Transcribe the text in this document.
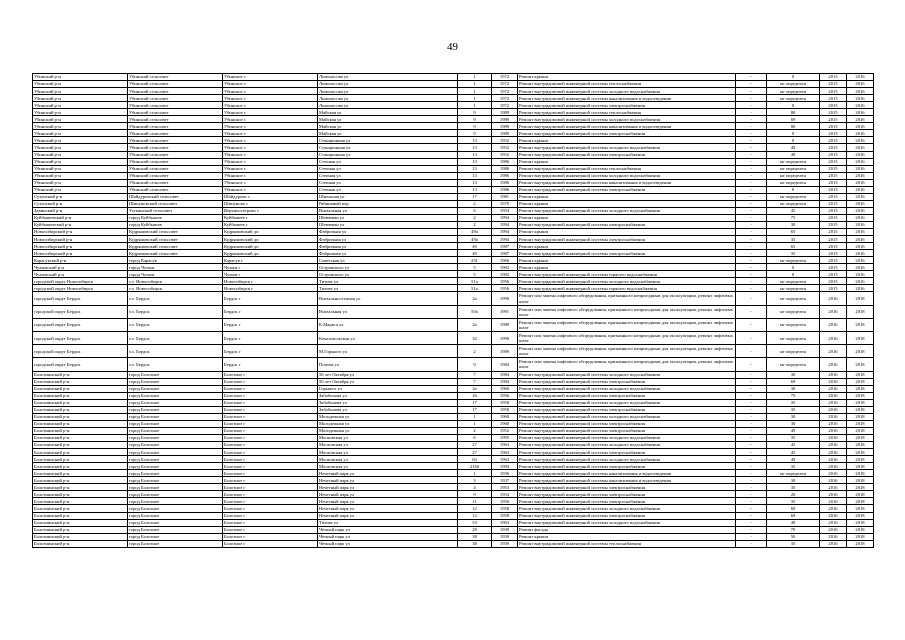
49
Убинский р-н	Убинский сельсовет	Убинское с	Ломоносова ул	1	1972	Ремонт крыши	-	0	2015	2016
Убинский р-н	Убинский сельсовет	Убинское с	Ломоносова ул	1	1972	Ремонт внутридомовой инженерной системы теплоснабжения	-	не определен	2015	2016
Убинский р-н	Убинский сельсовет	Убинское с	Ломоносова ул	1	1972	Ремонт внутридомовой инженерной системы холодного водоснабжения	-	не определен	2015	2016
Убинский р-н	Убинский сельсовет	Убинское с	Ломоносова ул	1	1972	Ремонт внутридомовой инженерной системы канализования и водоотведения	-	не определен	2015	2016
Убинский р-н	Убинский сельсовет	Убинское с	Ломоносова ул	1	1972	Ремонт внутридомовой инженерной системы электроснабжения	-	0	2015	2016
Убинский р-н	Убинский сельсовет	Убинское с	Майская ул	9	1989	Ремонт внутридомовой инженерной системы теплоснабжения	-	80	2015	2016
Убинский р-н	Убинский сельсовет	Убинское с	Майская ул	9	1989	Ремонт внутридомовой инженерной системы холодного водоснабжения	-	69	2015	2016
Убинский р-н	Убинский сельсовет	Убинское с	Майская ул	9	1989	Ремонт внутридомовой инженерной системы канализования и водоотведения	-	80	2015	2016
Убинский р-н	Убинский сельсовет	Убинское с	Майская ул	9	1989	Ремонт внутридомовой инженерной системы электроснабжения	-	0	2015	2016
Убинский р-н	Убинский сельсовет	Убинское с	Станционная ул	13	1952	Ремонт крыши	-	0	2015	2016
Убинский р-н	Убинский сельсовет	Убинское с	Станционная ул	13	1952	Ремонт внутридомовой инженерной системы холодного водоснабжения	-	49	2015	2016
Убинский р-н	Убинский сельсовет	Убинское с	Станционная ул	13	1952	Ремонт внутридомовой инженерной системы электроснабжения	-	49	2015	2016
Убинский р-н	Убинский сельсовет	Убинское с	Степная ул	13	1986	Ремонт крыши	-	не определен	2015	2016
Убинский р-н	Убинский сельсовет	Убинское с	Степная ул	13	1986	Ремонт внутридомовой инженерной системы теплоснабжения	-	не определен	2015	2016
Убинский р-н	Убинский сельсовет	Убинское с	Степная ул	13	1986	Ремонт внутридомовой инженерной системы холодного водоснабжения	-	не определен	2015	2016
Убинский р-н	Убинский сельсовет	Убинское с	Степная ул	13	1986	Ремонт внутридомовой инженерной системы канализования и водоотведения	-	не определен	2015	2016
Убинский р-н	Убинский сельсовет	Убинское с	Степная ул	13	1986	Ремонт внутридомовой инженерной системы электроснабжения	-	0	2015	2016
Сузунский р-н	Шайдуровский сельсовет	Шайдурово с	Школьная ул	17	1981	Ремонт крыши	-	не определен	2015	2016
Сузунский р-н	Шипуновский сельсовет	Шипуново с	Рябиновый пер	2	1979	Ремонт крыши	-	не определен	2015	2016
Здвинский р-н	Устьинский сельсовет	Верхнеосетрово с	Вокзальная ул	6	1954	Ремонт внутридомовой инженерной системы холодного водоснабжения	-	45	2015	2016
Куйбышевский р-н	город Куйбышев	Куйбышев г	Шевченко ул	2	1994	Ремонт крыши	-	75	2015	2016
Куйбышевский р-н	город Куйбышев	Куйбышев г	Шевченко ул	2	1994	Ремонт внутридомовой инженерной системы электроснабжения	-	30	2015	2016
Новосибирский р-н	Кудряшовский сельсовет	Кудряшовский дп	Фабричная ул	49а	1994	Ремонт крыши	-	65	2015	2016
Новосибирский р-н	Кудряшовский сельсовет	Кудряшовский дп	Фабричная ул	49а	1994	Ремонт внутридомовой инженерной системы электроснабжения	-	35	2015	2016
Новосибирский р-н	Кудряшовский сельсовет	Кудряшовский дп	Фабричная ул	49	1987	Ремонт крыши	-	65	2015	2016
Новосибирский р-н	Кудряшовский сельсовет	Кудряшовский дп	Фабричная ул	49	1987	Ремонт внутридомовой инженерной системы электроснабжения	-	35	2015	2016
Карасукский р-н	город Карасук	Карасук г	Советская ул	231	1966	Ремонт крыши	-	не определен	2015	2016
Чулымский р-н	город Чулым	Чулым г	Островского ул	5	1982	Ремонт крыши	-	0	2015	2016
Чулымский р-н	город Чулым	Чулым г	Островского ул	5	1982	Ремонт внутридомовой инженерной системы горячего водоснабжения	-	0	2015	2016
городской округ Новосибирск	г.о. Новосибирск	Новосибирск г	Титова ул	51а	1956	Ремонт внутридомовой инженерной системы холодного водоснабжения	-	не определен	2015	2016
городской округ Новосибирск	г.о. Новосибирск	Новосибирск г	Титова ул	51а	1956	Ремонт внутридомовой инженерной системы горячего водоснабжения	-	не определен	2015	2016
городской округ Бердск	г.о. Бердск	Бердск г	Вокзальностепная ул	2а	1990	Ремонт или замена лифтового оборудования, признанного непригодным для эксплуатации, ремонт лифтовых шахт	-	не определен	2016	2018
городской округ Бердск	г.о. Бердск	Бердск г	Вокзальная ул	50а	1991	Ремонт или замена лифтового оборудования, признанного непригодным для эксплуатации, ремонт лифтовых шахт	-	не определен	2016	2018
городской округ Бердск	г.о. Бердск	Бердск г	К.Маркса ул	2а	1989	Ремонт или замена лифтового оборудования, признанного непригодным для эксплуатации, ремонт лифтовых шахт	-	не определен	2016	2018
городской округ Бердск	г.о. Бердск	Бердск г	Комсомольская ул	32	1990	Ремонт или замена лифтового оборудования, признанного непригодным для эксплуатации, ремонт лифтовых шахт	-	не определен	2016	2018
городской округ Бердск	г.о. Бердск	Бердск г	М.Горького ул	2	1989	Ремонт или замена лифтового оборудования, признанного непригодным для эксплуатации, ремонт лифтовых шахт	-	не определен	2016	2018
городской округ Бердск	г.о. Бердск	Бердск г	Попова ул	9	1984	Ремонт или замена лифтового оборудования, признанного непригодным для эксплуатации, ремонт лифтовых шахт	-	не определен	2016	2018
Болотнинский р-н	город Болотное	Болотное г	50 лет Октября ул	7	1984	Ремонт внутридомовой инженерной системы холодного водоснабжения	-	30	2016	2018
Болотнинский р-н	город Болотное	Болотное г	50 лет Октября ул	7	1984	Ремонт внутридомовой инженерной системы электроснабжения	-	69	2016	2018
Болотнинский р-н	город Болотное	Болотное г	Горького ул	2а	1960	Ремонт внутридомовой инженерной системы холодного водоснабжения	-	30	2016	2018
Болотнинский р-н	город Болотное	Болотное г	Забабонова ул	16	1956	Ремонт внутридомовой инженерной системы электроснабжения	-	75	2016	2018
Болотнинский р-н	город Болотное	Болотное г	Забабонова ул	17	1958	Ремонт внутридомовой инженерной системы холодного водоснабжения	-	35	2016	2018
Болотнинский р-н	город Болотное	Болотное г	Забабонова ул	17	1958	Ремонт внутридомовой инженерной системы электроснабжения	-	35	2016	2018
Болотнинский р-н	город Болотное	Болотное г	Молодежная ул	1	1960	Ремонт внутридомовой инженерной системы холодного водоснабжения	-	30	2016	2018
Болотнинский р-н	город Болотное	Болотное г	Молодежная ул	1	1960	Ремонт внутридомовой инженерной системы электроснабжения	-	30	2016	2018
Болотнинский р-н	город Болотное	Болотное г	Молодежная ул	2	1952	Ремонт внутридомовой инженерной системы электроснабжения	-	49	2016	2018
Болотнинский р-н	город Болотное	Болотное г	Московская ул	6	1995	Ремонт внутридомовой инженерной системы холодного водоснабжения	-	35	2016	2018
Болотнинский р-н	город Болотное	Болотное г	Московская ул	27	1963	Ремонт внутридомовой инженерной системы холодного водоснабжения	-	45	2016	2018
Болотнинский р-н	город Болотное	Болотное г	Московская ул	27	1963	Ремонт внутридомовой инженерной системы электроснабжения	-	45	2016	2018
Болотнинский р-н	город Болотное	Болотное г	Московская ул	63	1963	Ремонт внутридомовой инженерной системы холодного водоснабжения	-	49	2016	2018
Болотнинский р-н	город Болотное	Болотное г	Московская ул	216б	1994	Ремонт внутридомовой инженерной системы электроснабжения	-	35	2016	2018
Болотнинский р-н	город Болотное	Болотное г	Нечетный парк ул	1	1936	Ремонт внутридомовой инженерной системы канализования и водоотведения	-	не определен	2016	2018
Болотнинский р-н	город Болотное	Болотное г	Нечетный парк ул	3	1937	Ремонт внутридомовой инженерной системы канализования и водоотведения	-	30	2016	2018
Болотнинский р-н	город Болотное	Болотное г	Нечетный парк ул	4	1953	Ремонт внутридомовой инженерной системы электроснабжения	-	35	2016	2018
Болотнинский р-н	город Болотное	Болотное г	Нечетный парк ул	9	1954	Ремонт внутридомовой инженерной системы электроснабжения	-	20	2016	2018
Болотнинский р-н	город Болотное	Болотное г	Нечетный парк ул	11	1956	Ремонт внутридомовой инженерной системы электроснабжения	-	35	2016	2018
Болотнинский р-н	город Болотное	Болотное г	Нечетный парк ул	12	1958	Ремонт внутридомовой инженерной системы холодного водоснабжения	-	69	2016	2018
Болотнинский р-н	город Болотное	Болотное г	Нечетный парк ул	12	1958	Ремонт внутридомовой инженерной системы электроснабжения	-	69	2016	2018
Болотнинский р-н	город Болотное	Болотное г	Титова ул	53	1963	Ремонт внутридомовой инженерной системы холодного водоснабжения	-	49	2016	2018
Болотнинский р-н	город Болотное	Болотное г	Чётный парк ул	28	1939	Ремонт фасада	-	70	2016	2018
Болотнинский р-н	город Болотное	Болотное г	Чётный парк ул	38	1939	Ремонт крыши	-	50	2016	2018
Болотнинский р-н	город Болотное	Болотное г	Чётный парк ул	38	1939	Ремонт внутридомовой инженерной системы теплоснабжения	-	35	2016	2018
